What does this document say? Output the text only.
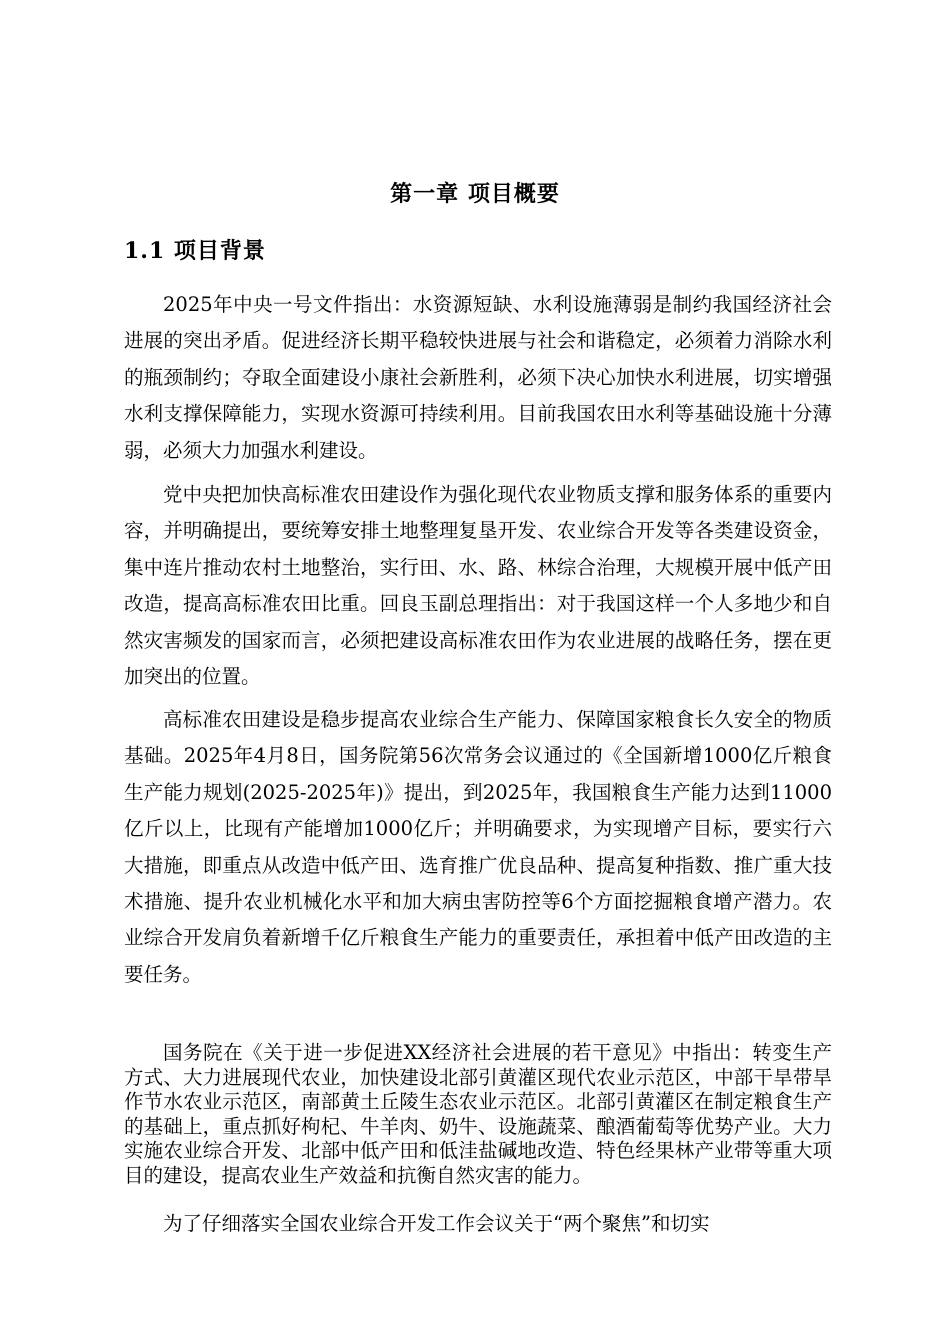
第一章 项目概要
1.1 项目背景

2025年中央一号文件指出：水资源短缺、水利设施薄弱是制约我国经济社会进展的突出矛盾。促进经济长期平稳较快进展与社会和谐稳定，必须着力消除水利的瓶颈制约；夺取全面建设小康社会新胜利，必须下决心加快水利进展，切实增强水利支撑保障能力，实现水资源可持续利用。目前我国农田水利等基础设施十分薄弱，必须大力加强水利建设。

党中央把加快高标准农田建设作为强化现代农业物质支撑和服务体系的重要内容，并明确提出，要统筹安排土地整理复垦开发、农业综合开发等各类建设资金，集中连片推动农村土地整治，实行田、水、路、林综合治理，大规模开展中低产田改造，提高高标准农田比重。回良玉副总理指出：对于我国这样一个人多地少和自然灾害频发的国家而言，必须把建设高标准农田作为农业进展的战略任务，摆在更加突出的位置。

高标准农田建设是稳步提高农业综合生产能力、保障国家粮食长久安全的物质基础。2025年4月8日，国务院第56次常务会议通过的《全国新增1000亿斤粮食生产能力规划(2025-2025年)》提出，到2025年，我国粮食生产能力达到11000亿斤以上，比现有产能增加1000亿斤；并明确要求，为实现增产目标，要实行六大措施，即重点从改造中低产田、选育推广优良品种、提高复种指数、推广重大技术措施、提升农业机械化水平和加大病虫害防控等6个方面挖掘粮食增产潜力。农业综合开发肩负着新增千亿斤粮食生产能力的重要责任，承担着中低产田改造的主要任务。

国务院在《关于进一步促进XX经济社会进展的若干意见》中指出：转变生产方式、大力进展现代农业，加快建设北部引黄灌区现代农业示范区，中部干旱带旱作节水农业示范区，南部黄土丘陵生态农业示范区。北部引黄灌区在制定粮食生产的基础上，重点抓好枸杞、牛羊肉、奶牛、设施蔬菜、酿酒葡萄等优势产业。大力实施农业综合开发、北部中低产田和低洼盐碱地改造、特色经果林产业带等重大项目的建设，提高农业生产效益和抗衡自然灾害的能力。

为了仔细落实全国农业综合开发工作会议关于“两个聚焦”和切实
